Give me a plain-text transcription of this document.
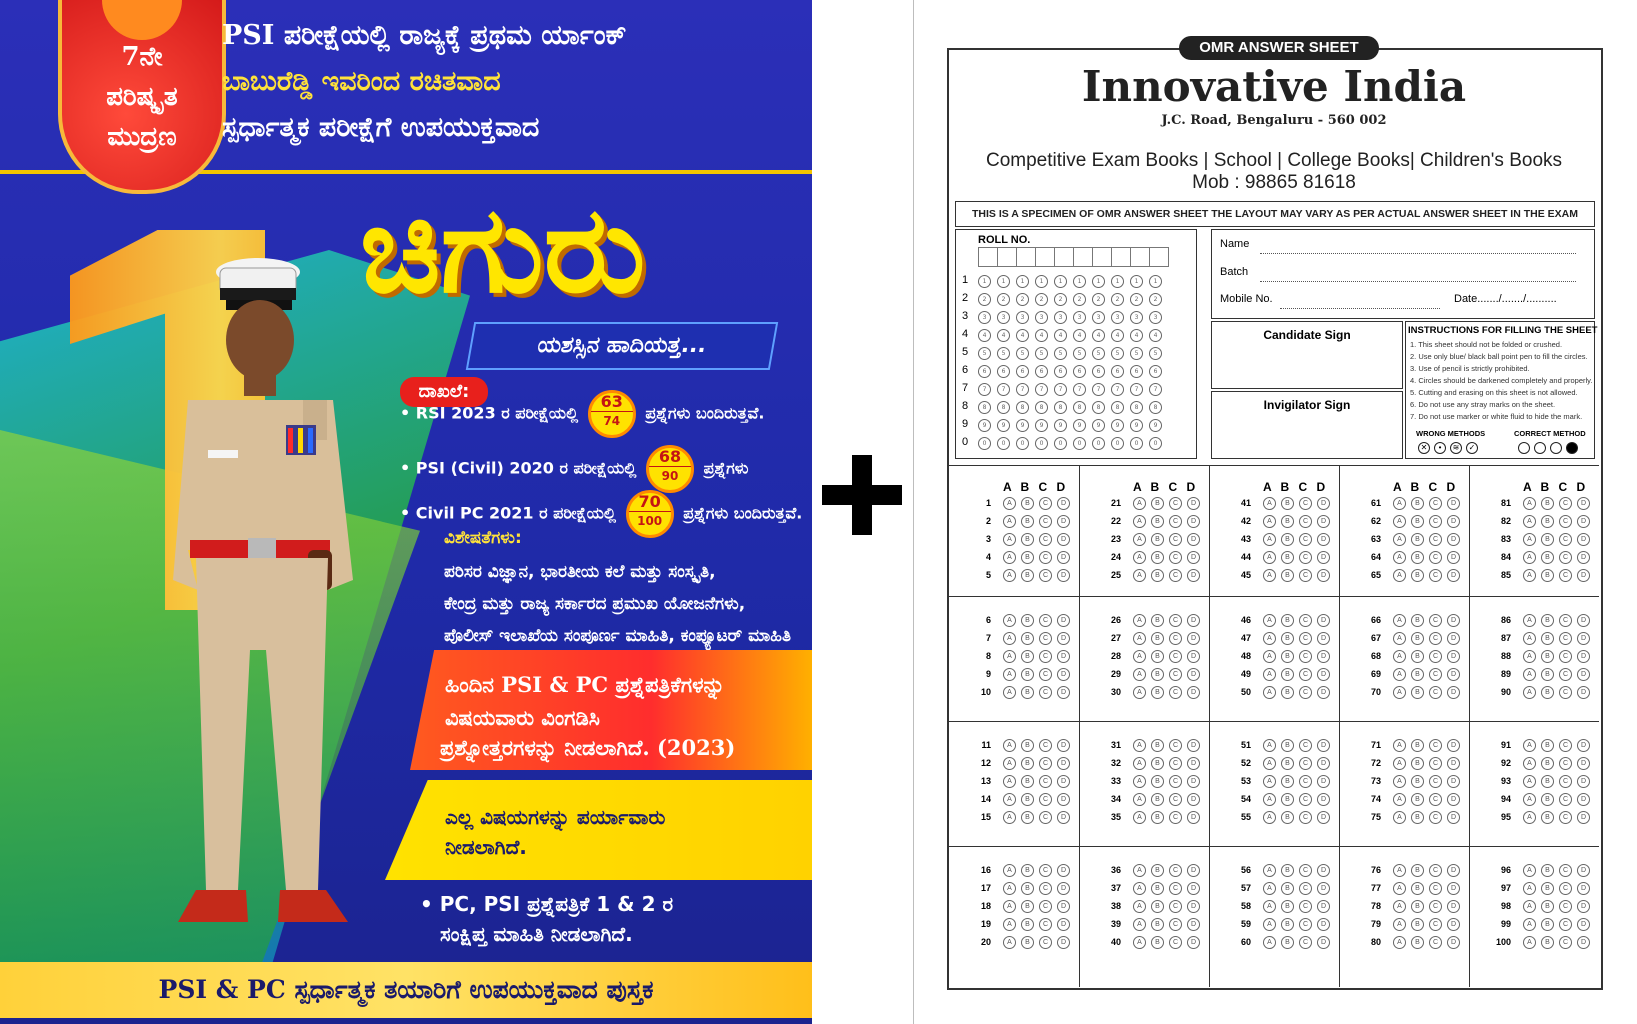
7ನೇ
ಪರಿಷ್ಕೃತ
ಮುದ್ರಣ
PSI ಪರೀಕ್ಷೆಯಲ್ಲಿ ರಾಜ್ಯಕ್ಕೆ ಪ್ರಥಮ ರ್ಯಾಂಕ್
ಬಾಬುರೆಡ್ಡಿ ಇವರಿಂದ ರಚಿತವಾದ
ಸ್ಪರ್ಧಾತ್ಮಕ ಪರೀಕ್ಷೆಗೆ ಉಪಯುಕ್ತವಾದ
ಚಿಗುರು
ಯಶಸ್ಸಿನ ಹಾದಿಯತ್ತ...
ದಾಖಲೆ:
• RSI 2023 ರ ಪರೀಕ್ಷೆಯಲ್ಲಿ 63
74	ಪ್ರಶ್ನೆಗಳು ಬಂದಿರುತ್ತವೆ.
• PSI (Civil) 2020 ರ ಪರೀಕ್ಷೆಯಲ್ಲಿ 68
90	ಪ್ರಶ್ನೆಗಳು
• Civil PC 2021 ರ ಪರೀಕ್ಷೆಯಲ್ಲಿ 70
100	ಪ್ರಶ್ನೆಗಳು ಬಂದಿರುತ್ತವೆ.
ವಿಶೇಷತೆಗಳು:
ಪರಿಸರ ವಿಜ್ಞಾನ, ಭಾರತೀಯ ಕಲೆ ಮತ್ತು ಸಂಸ್ಕೃತಿ,
ಕೇಂದ್ರ ಮತ್ತು ರಾಜ್ಯ ಸರ್ಕಾರದ ಪ್ರಮುಖ ಯೋಜನೆಗಳು,
ಪೊಲೀಸ್ ಇಲಾಖೆಯ ಸಂಪೂರ್ಣ ಮಾಹಿತಿ, ಕಂಪ್ಯೂಟರ್ ಮಾಹಿತಿ
ಹಿಂದಿನ PSI & PC ಪ್ರಶ್ನೆಪತ್ರಿಕೆಗಳನ್ನು
ವಿಷಯವಾರು ವಿಂಗಡಿಸಿ
ಪ್ರಶ್ನೋತ್ತರಗಳನ್ನು ನೀಡಲಾಗಿದೆ. (2023)
ಎಲ್ಲ ವಿಷಯಗಳನ್ನು ಪರ್ಯಾವಾರು
ನೀಡಲಾಗಿದೆ.
• PC, PSI ಪ್ರಶ್ನೆಪತ್ರಿಕೆ 1 & 2 ರ
ಸಂಕ್ಷಿಪ್ತ ಮಾಹಿತಿ ನೀಡಲಾಗಿದೆ.
PSI & PC ಸ್ಪರ್ಧಾತ್ಮಕ ತಯಾರಿಗೆ ಉಪಯುಕ್ತವಾದ ಪುಸ್ತಕ
OMR ANSWER SHEET
Innovative India
J.C. Road, Bengaluru - 560 002
Competitive Exam Books | School | College Books| Children's Books
Mob : 98865 81618
THIS IS A SPECIMEN OF OMR ANSWER SHEET THE LAYOUT MAY VARY AS PER ACTUAL ANSWER SHEET IN THE EXAM
ROLL NO.
1	1	1	1	1	1	1	1	1	1	1
2	2	2	2	2	2	2	2	2	2	2
3	3	3	3	3	3	3	3	3	3	3
4	4	4	4	4	4	4	4	4	4	4
5	5	5	5	5	5	5	5	5	5	5
6	6	6	6	6	6	6	6	6	6	6
7	7	7	7	7	7	7	7	7	7	7
8	8	8	8	8	8	8	8	8	8	8
9	9	9	9	9	9	9	9	9	9	9
0	0	0	0	0	0	0	0	0	0	0
Name
Batch
Mobile No.	Date......./......./..........
Candidate Sign
Invigilator Sign
INSTRUCTIONS FOR FILLING THE SHEET
1. This sheet should not be folded or crushed.
2. Use only blue/ black ball point pen to fill the circles.
3. Use of pencil is strictly prohibited.
4. Circles should be darkened completely and properly.
5. Cutting and erasing on this sheet is not allowed.
6. Do not use any stray marks on the sheet.
7. Do not use marker or white fluid to hide the mark.
WRONG METHODS	CORRECT METHOD
✕	•	≋	✓
A B C D	A B C D	A B C D	A B C D	A B C D
1	A	B	C	D
2	A	B	C	D
3	A	B	C	D
4	A	B	C	D
5	A	B	C	D
6	A	B	C	D
7	A	B	C	D
8	A	B	C	D
9	A	B	C	D
10	A	B	C	D
11	A	B	C	D
12	A	B	C	D
13	A	B	C	D
14	A	B	C	D
15	A	B	C	D
16	A	B	C	D
17	A	B	C	D
18	A	B	C	D
19	A	B	C	D
20	A	B	C	D
21	A	B	C	D
22	A	B	C	D
23	A	B	C	D
24	A	B	C	D
25	A	B	C	D
26	A	B	C	D
27	A	B	C	D
28	A	B	C	D
29	A	B	C	D
30	A	B	C	D
31	A	B	C	D
32	A	B	C	D
33	A	B	C	D
34	A	B	C	D
35	A	B	C	D
36	A	B	C	D
37	A	B	C	D
38	A	B	C	D
39	A	B	C	D
40	A	B	C	D
41	A	B	C	D
42	A	B	C	D
43	A	B	C	D
44	A	B	C	D
45	A	B	C	D
46	A	B	C	D
47	A	B	C	D
48	A	B	C	D
49	A	B	C	D
50	A	B	C	D
51	A	B	C	D
52	A	B	C	D
53	A	B	C	D
54	A	B	C	D
55	A	B	C	D
56	A	B	C	D
57	A	B	C	D
58	A	B	C	D
59	A	B	C	D
60	A	B	C	D
61	A	B	C	D
62	A	B	C	D
63	A	B	C	D
64	A	B	C	D
65	A	B	C	D
66	A	B	C	D
67	A	B	C	D
68	A	B	C	D
69	A	B	C	D
70	A	B	C	D
71	A	B	C	D
72	A	B	C	D
73	A	B	C	D
74	A	B	C	D
75	A	B	C	D
76	A	B	C	D
77	A	B	C	D
78	A	B	C	D
79	A	B	C	D
80	A	B	C	D
81	A	B	C	D
82	A	B	C	D
83	A	B	C	D
84	A	B	C	D
85	A	B	C	D
86	A	B	C	D
87	A	B	C	D
88	A	B	C	D
89	A	B	C	D
90	A	B	C	D
91	A	B	C	D
92	A	B	C	D
93	A	B	C	D
94	A	B	C	D
95	A	B	C	D
96	A	B	C	D
97	A	B	C	D
98	A	B	C	D
99	A	B	C	D
100	A	B	C	D
